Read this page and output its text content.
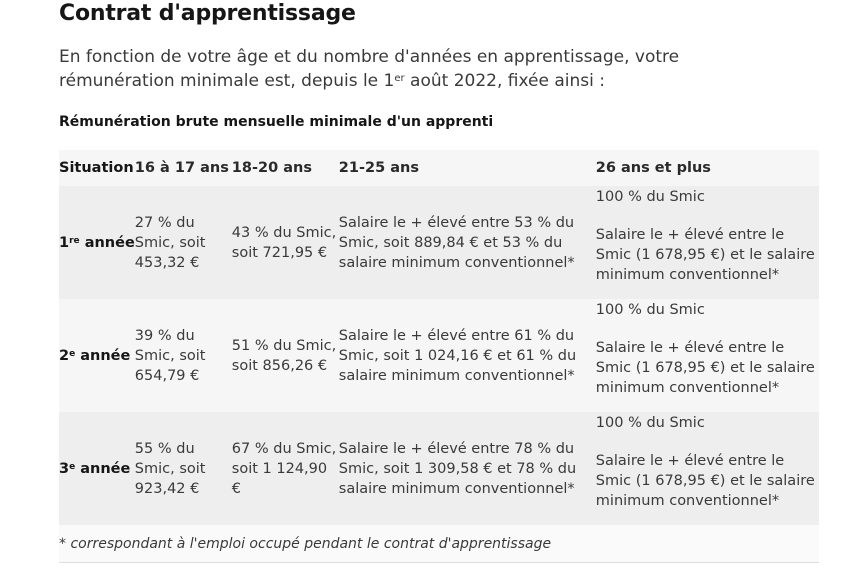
Contrat d'apprentissage

En fonction de votre âge et du nombre d'années en apprentissage, votre rémunération minimale est, depuis le 1er août 2022, fixée ainsi :

Rémunération brute mensuelle minimale d'un apprenti
Situation	16 à 17 ans	18-20 ans	21-25 ans	26 ans et plus
1re année	27 % du Smic, soit 453,32 €	43 % du Smic, soit 721,95 €	Salaire le + élevé entre 53 % du Smic, soit 889,84 € et 53 % du salaire minimum conventionnel*	100 % du Smic
Salaire le + élevé entre le Smic (1 678,95 €) et le salaire minimum conventionnel*

2e année	39 % du Smic, soit 654,79 €	51 % du Smic, soit 856,26 €	Salaire le + élevé entre 61 % du Smic, soit 1 024,16 € et 61 % du salaire minimum conventionnel*	100 % du Smic
Salaire le + élevé entre le Smic (1 678,95 €) et le salaire minimum conventionnel*

3e année	55 % du Smic, soit 923,42 €	67 % du Smic, soit 1 124,90 €	Salaire le + élevé entre 78 % du Smic, soit 1 309,58 € et 78 % du salaire minimum conventionnel*	100 % du Smic
Salaire le + élevé entre le Smic (1 678,95 €) et le salaire minimum conventionnel*

* correspondant à l'emploi occupé pendant le contrat d'apprentissage				
